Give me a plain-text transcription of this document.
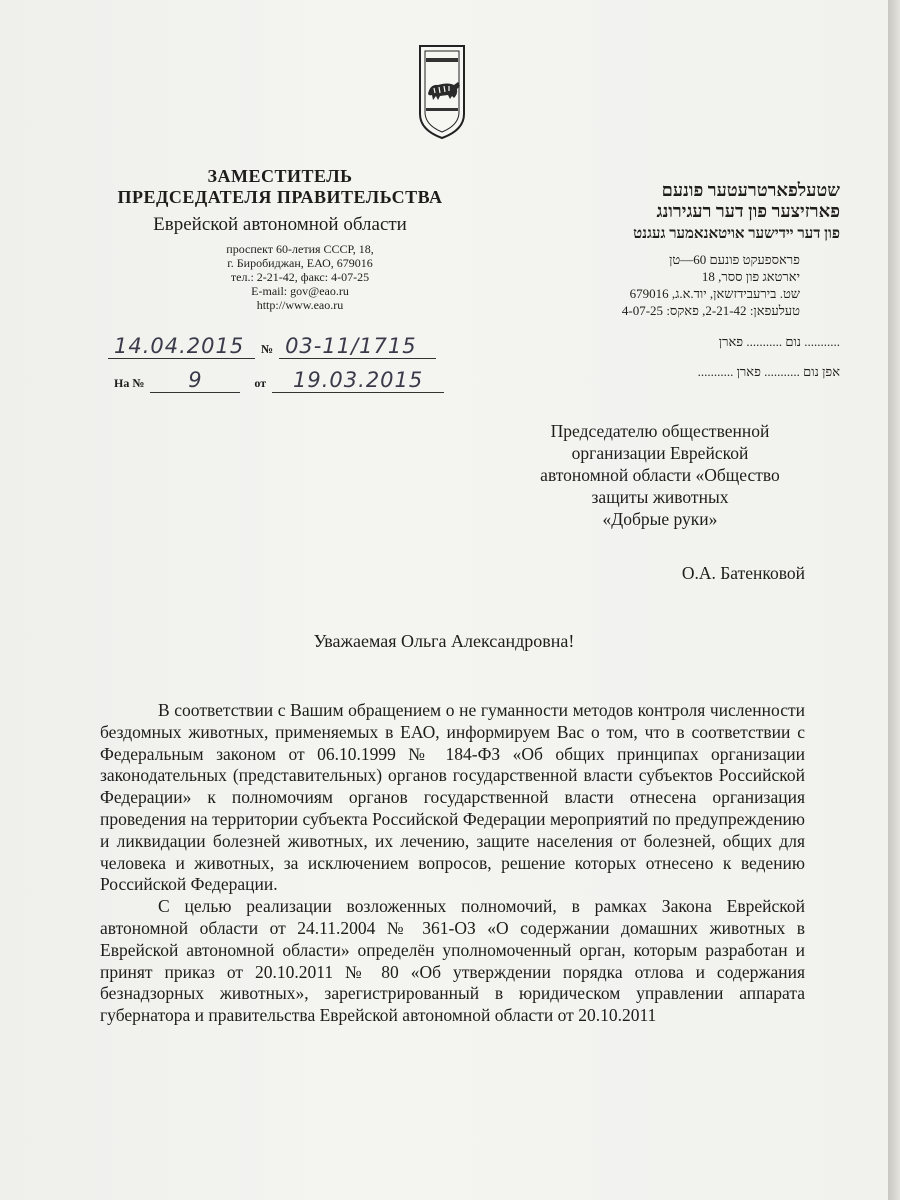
ЗАМЕСТИТЕЛЬ
ПРЕДСЕДАТЕЛЯ ПРАВИТЕЛЬСТВА
Еврейской автономной области
проспект 60-летия СССР, 18,
г. Биробиджан, ЕАО, 679016
тел.: 2-21-42, факс: 4-07-25
E-mail: gov@eao.ru
http://www.eao.ru
שטעלפארטרעטער פונעם
פארזיצער פון דער רעגירונג
פון דער ײדישער אויטאנאמער געגנט
פראספעקט פונעם 60—טן
יארטאג פון ססר, 18
שט. בירעבידזשאן, יוד.א.ג, 679016
טעלעפאן: 2-21-42, פאקס: 4-07-25
........... נום ........... פארן
אפן נום ........... פארן ...........
14.04.2015	№ 03-11/1715
На №	9	от	19.03.2015
Председателю общественной
организации Еврейской
автономной области «Общество
защиты животных
«Добрые руки»
О.А. Батенковой
Уважаемая Ольга Александровна!

В соответствии с Вашим обращением о не гуманности методов контроля численности бездомных животных, применяемых в ЕАО, информируем Вас о том, что в соответствии с Федеральным законом от 06.10.1999 № 184-ФЗ «Об общих принципах организации законодательных (представительных) органов государственной власти субъектов Российской Федерации» к полномочиям органов государственной власти отнесена организация проведения на территории субъекта Российской Федерации мероприятий по предупреждению и ликвидации болезней животных, их лечению, защите населения от болезней, общих для человека и животных, за исключением вопросов, решение которых отнесено к ведению Российской Федерации.

С целью реализации возложенных полномочий, в рамках Закона Еврейской автономной области от 24.11.2004 № 361-ОЗ «О содержании домашних животных в Еврейской автономной области» определён уполномоченный орган, которым разработан и принят приказ от 20.10.2011 № 80 «Об утверждении порядка отлова и содержания безнадзорных животных», зарегистрированный в юридическом управлении аппарата губернатора и правительства Еврейской автономной области от 20.10.2011
